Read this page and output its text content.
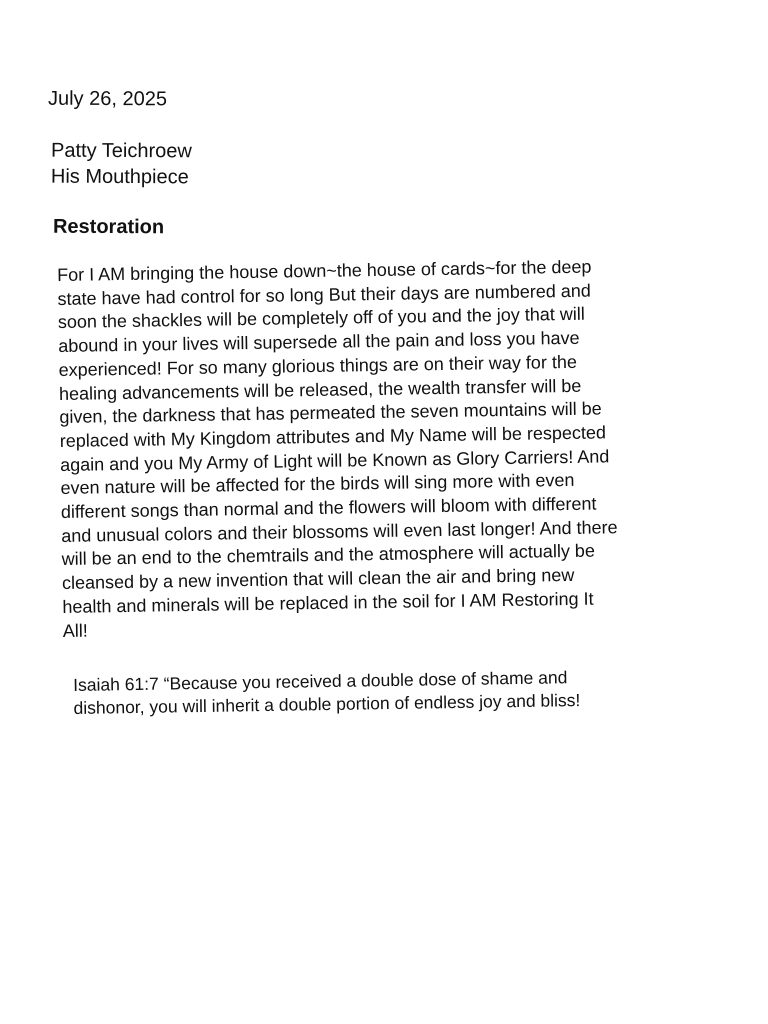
July 26, 2025

Patty Teichroew
His Mouthpiece
Restoration
For I AM bringing the house down~the house of cards~for the deep
state have had control for so long But their days are numbered and
soon the shackles will be completely off of you and the joy that will
abound in your lives will supersede all the pain and loss you have
experienced! For so many glorious things are on their way for the
healing advancements will be released, the wealth transfer will be
given, the darkness that has permeated the seven mountains will be
replaced with My Kingdom attributes and My Name will be respected
again and you My Army of Light will be Known as Glory Carriers! And
even nature will be affected for the birds will sing more with even
different songs than normal and the flowers will bloom with different
and unusual colors and their blossoms will even last longer! And there
will be an end to the chemtrails and the atmosphere will actually be
cleansed by a new invention that will clean the air and bring new
health and minerals will be replaced in the soil for I AM Restoring It
All!
Isaiah 61:7 “Because you received a double dose of shame and
dishonor, you will inherit a double portion of endless joy and bliss!
